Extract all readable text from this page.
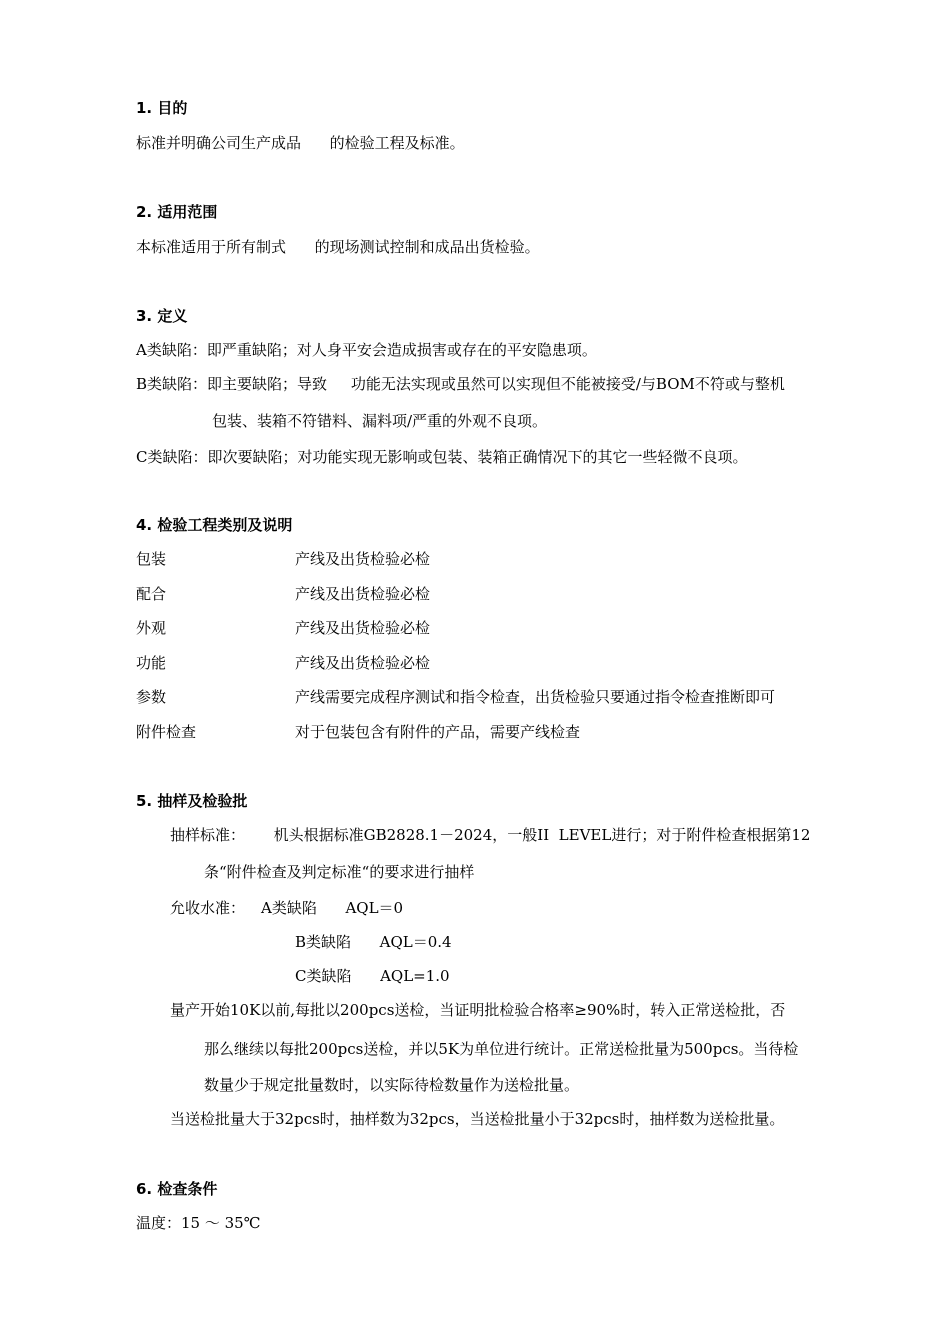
1. 目的
标准并明确公司生产成品      的检验工程及标准。
2. 适用范围
本标准适用于所有制式      的现场测试控制和成品出货检验。
3. 定义
A类缺陷：即严重缺陷；对人身平安会造成损害或存在的平安隐患项。
B类缺陷：即主要缺陷；导致     功能无法实现或虽然可以实现但不能被接受/与BOM不符或与整机
包装、装箱不符错料、漏料项/严重的外观不良项。
C类缺陷：即次要缺陷；对功能实现无影响或包装、装箱正确情况下的其它一些轻微不良项。
4. 检验工程类别及说明
包装	产线及出货检验必检
配合	产线及出货检验必检
外观	产线及出货检验必检
功能	产线及出货检验必检
参数	产线需要完成程序测试和指令检查，出货检验只要通过指令检查推断即可
附件检查	对于包装包含有附件的产品，需要产线检查
5. 抽样及检验批
抽样标准：      机头根据标准GB2828.1－2024，一般II  LEVEL进行；对于附件检查根据第12
条“附件检查及判定标准“的要求进行抽样
允收水准： A类缺陷      AQL＝0
B类缺陷      AQL＝0.4
C类缺陷      AQL=1.0
量产开始10K以前,每批以200pcs送检，当证明批检验合格率≥90%时，转入正常送检批，否
那么继续以每批200pcs送检，并以5K为单位进行统计。正常送检批量为500pcs。当待检
数量少于规定批量数时，以实际待检数量作为送检批量。
当送检批量大于32pcs时，抽样数为32pcs，当送检批量小于32pcs时，抽样数为送检批量。
6. 检查条件
温度：15 ～ 35℃
